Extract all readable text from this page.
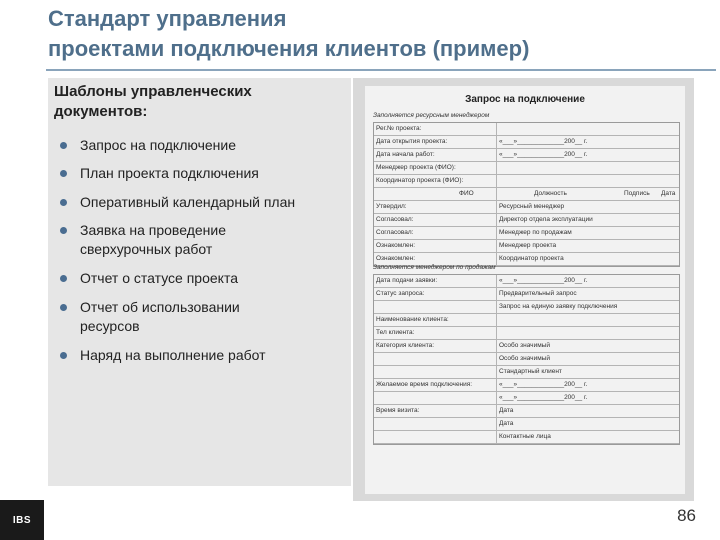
Стандарт управления
проектами подключения клиентов (пример)
Шаблоны управленческих
документов:
Запрос на подключение
План проекта подключения
Оперативный календарный план
Заявка на проведение
сверхурочных работ
Отчет о статусе проекта
Отчет об использовании
ресурсов
Наряд на выполнение работ
Запрос на подключение
Заполняется ресурсным менеджером
Рег.№ проекта:
Дата открытия проекта:	«___»_____________200__ г.
Дата начала работ:	«___»_____________200__ г.
Менеджер проекта (ФИО):
Координатор проекта (ФИО):
ФИО	Должность	Подпись Дата
Утвердил:	Ресурсный менеджер
Согласовал:	Директор отдела эксплуатации
Согласовал:	Менеджер по продажам
Ознакомлен:	Менеджер проекта
Ознакомлен:	Координатор проекта
Заполняется менеджером по продажам
Дата подачи заявки:	«___»_____________200__ г.
Статус запроса:	Предварительный запрос
Запрос на единую заявку подключения
Наименование клиента:
Тел клиента:
Категория клиента:	Особо значимый
Особо значимый
Стандартный клиент
Желаемое время подключения:	«___»_____________200__ г.
«___»_____________200__ г.
Время визита:	Дата
Дата
Контактные лица
IBS	86
